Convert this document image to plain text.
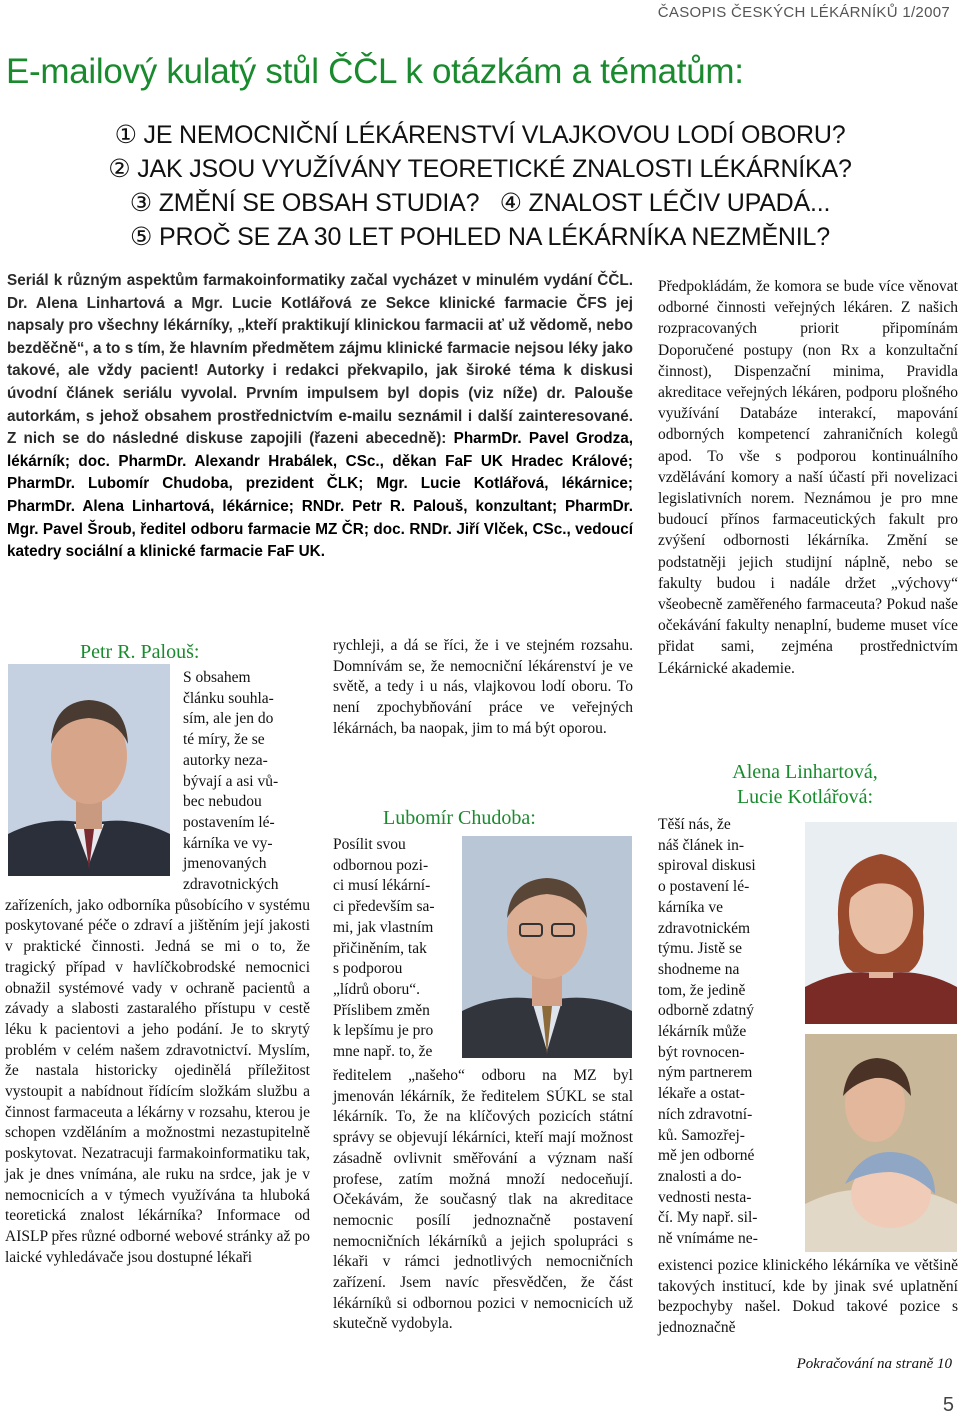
ČASOPIS ČESKÝCH LÉKÁRNÍKŮ 1/2007
E-mailový kulatý stůl ČČL k otázkám a tématům:
① JE NEMOCNIČNÍ LÉKÁRENSTVÍ VLAJKOVOU LODÍ OBORU?
② JAK JSOU VYUŽÍVÁNY TEORETICKÉ ZNALOSTI LÉKÁRNÍKA?
③ ZMĚNÍ SE OBSAH STUDIA?   ④ ZNALOST LÉČIV UPADÁ...
⑤ PROČ SE ZA 30 LET POHLED NA LÉKÁRNÍKA NEZMĚNIL?
Seriál k různým aspektům farmakoinformatiky začal vycházet v minulém vydání ČČL. Dr. Alena Linhartová a Mgr. Lucie Kotlářová ze Sekce klinické farmacie ČFS jej napsaly pro všechny lékárníky, „kteří praktikují klinickou farmacii ať už vědomě, nebo bezděčně“, a to s tím, že hlavním předmětem zájmu klinické farmacie nejsou léky jako takové, ale vždy pacient! Autorky i redakci překvapilo, jak široké téma k diskusi úvodní článek seriálu vyvolal. Prvním impulsem byl dopis (viz níže) dr. Palouše autorkám, s jehož obsahem prostřednictvím e-mailu seznámil i další zainteresované. Z nich se do následné diskuse zapojili (řazeni abecedně): PharmDr. Pavel Grodza, lékárník; doc. PharmDr. Alexandr Hrabálek, CSc., děkan FaF UK Hradec Králové; PharmDr. Lubomír Chudoba, prezident ČLK; Mgr. Lucie Kotlářová, lékárnice; PharmDr. Alena Linhartová, lékárnice; RNDr. Petr R. Palouš, konzultant; PharmDr. Mgr. Pavel Šroub, ředitel odboru farmacie MZ ČR; doc. RNDr. Jiří Vlček, CSc., vedoucí katedry sociální a klinické farmacie FaF UK.
Předpokládám, že komora se bude více věnovat odborné činnosti veřejných lékáren. Z našich rozpracovaných priorit připomínám Doporučené postupy (non Rx a konzultační činnost), Dispenzační minima, Pravidla akreditace veřejných lékáren, podporu plošného využívání Databáze interakcí, mapování odborných kompetencí zahraničních kolegů apod. To vše s podporou kontinuálního vzdělávání komory a naší účastí při novelizaci legislativních norem. Neznámou je pro mne budoucí přínos farmaceutických fakult pro zvýšení odbornosti lékárníka. Změní se podstatněji jejich studijní náplně, nebo se fakulty budou i nadále držet „výchovy“ všeobecně zaměřeného farmaceuta? Pokud naše očekávání fakulty nenaplní, budeme muset více přidat sami, zejména prostřednictvím Lékárnické akademie.
Petr R. Palouš:
S obsahem
článku souhla-
sím, ale jen do
té míry, že se
autorky neza-
bývají a asi vů-
bec nebudou
postavením lé-
kárníka ve vy-
jmenovaných
zdravotnických
zařízeních, jako odborníka působícího v systému poskytované péče o zdraví a jištěním její jakosti v praktické činnosti. Jedná se mi o to, že tragický případ v havlíčkobrodské nemocnici obnažil systémové vady v ochraně pacientů a závady a slabosti zastaralého přístupu v cestě léku k pacientovi a jeho podání. Je to skrytý problém v celém našem zdravotnictví. Myslím, že nastala historicky ojedinělá příležitost vystoupit a nabídnout řídícím složkám službu a činnost farmaceuta a lékárny v rozsahu, kterou je schopen vzděláním a možnostmi nezastupitelně poskytovat. Nezatracuji farmakoinformatiku tak, jak je dnes vnímána, ale ruku na srdce, jak je v nemocnicích a v týmech využívána ta hluboká teoretická znalost lékárníka? Informace od AISLP přes různé odborné webové stránky až po laické vyhledávače jsou dostupné lékaři
rychleji, a dá se říci, že i ve stejném rozsahu. Domnívám se, že nemocniční lékárenství je ve světě, a tedy i u nás, vlajkovou lodí oboru. To není zpochybňování práce ve veřejných lékárnách, ba naopak, jim to má být oporou.
Lubomír Chudoba:
Posílit svou
odbornou pozi-
ci musí lékární-
ci především sa-
mi, jak vlastním
přičiněním, tak
s podporou
„lídrů oboru“.
Příslibem změn
k lepšímu je pro
mne např. to, že
ředitelem „našeho“ odboru na MZ byl jmenován lékárník, že ředitelem SÚKL se stal lékárník. To, že na klíčových pozicích státní správy se objevují lékárníci, kteří mají možnost zásadně ovlivnit směřování a význam naší profese, zatím možná množí nedoceňují. Očekávám, že současný tlak na akreditace nemocnic posílí jednoznačně postavení nemocničních lékárníků a jejich spolupráci s lékaři v rámci jednotlivých nemocničních zařízení. Jsem navíc přesvědčen, že část lékárníků si odbornou pozici v nemocnicích už skutečně vydobyla.
Alena Linhartová,
Lucie Kotlářová:
Těší nás, že
náš článek in-
spiroval diskusi
o postavení lé-
kárníka ve
zdravotnickém
týmu. Jistě se
shodneme na
tom, že jedině
odborně zdatný
lékárník může
být rovnocen-
ným partnerem
lékaře a ostat-
ních zdravotní-
ků. Samozřej-
mě jen odborné
znalosti a do-
vednosti nesta-
čí. My např. sil-
ně vnímáme ne-
existenci pozice klinického lékárníka ve většině takových institucí, kde by jinak své uplatnění bezpochyby našel. Dokud takové pozice s jednoznačně
Pokračování na straně 10
5
